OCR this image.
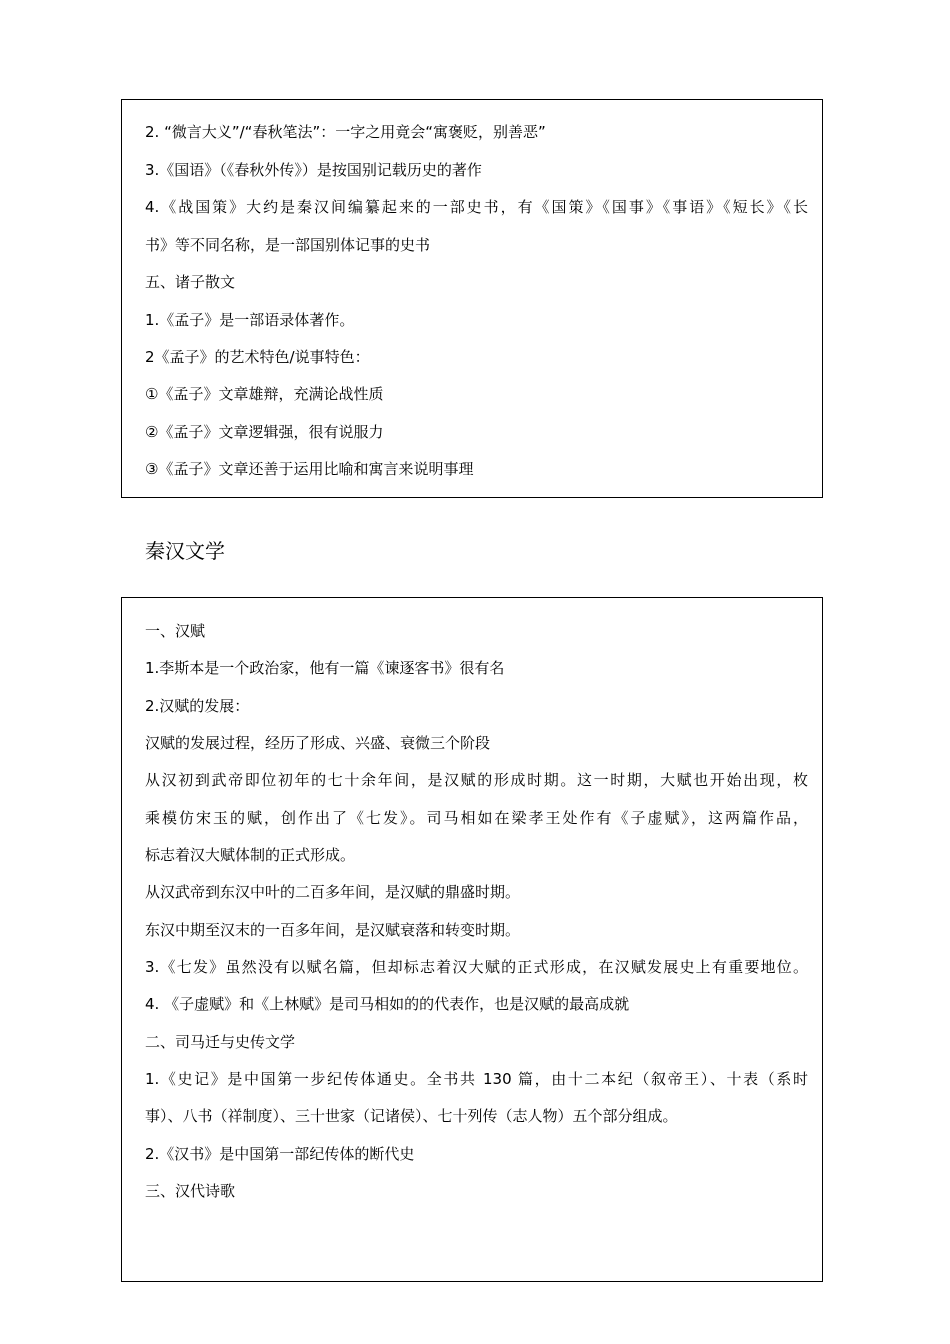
2. “微言大义”/“春秋笔法”：一字之用竟会“寓褒贬，别善恶”
3.《国语》（《春秋外传》）是按国别记载历史的著作
4.《战国策》大约是秦汉间编纂起来的一部史书，有《国策》《国事》《事语》《短长》《长
书》等不同名称，是一部国别体记事的史书
五、诸子散文
1.《孟子》是一部语录体著作。
2《孟子》的艺术特色/说事特色：
①《孟子》文章雄辩，充满论战性质
②《孟子》文章逻辑强，很有说服力
③《孟子》文章还善于运用比喻和寓言来说明事理
秦汉文学
一、汉赋
1.李斯本是一个政治家，他有一篇《谏逐客书》很有名
2.汉赋的发展：
汉赋的发展过程，经历了形成、兴盛、衰微三个阶段
从汉初到武帝即位初年的七十余年间，是汉赋的形成时期。这一时期，大赋也开始出现，枚
乘模仿宋玉的赋，创作出了《七发》。司马相如在梁孝王处作有《子虚赋》，这两篇作品，
标志着汉大赋体制的正式形成。
从汉武帝到东汉中叶的二百多年间，是汉赋的鼎盛时期。
东汉中期至汉末的一百多年间，是汉赋衰落和转变时期。
3.《七发》虽然没有以赋名篇，但却标志着汉大赋的正式形成，在汉赋发展史上有重要地位。
4. 《子虚赋》和《上林赋》是司马相如的的代表作，也是汉赋的最高成就
二、司马迁与史传文学
1.《史记》是中国第一步纪传体通史。全书共 130 篇，由十二本纪（叙帝王）、十表（系时
事）、八书（祥制度）、三十世家（记诸侯）、七十列传（志人物）五个部分组成。
2.《汉书》是中国第一部纪传体的断代史
三、汉代诗歌
